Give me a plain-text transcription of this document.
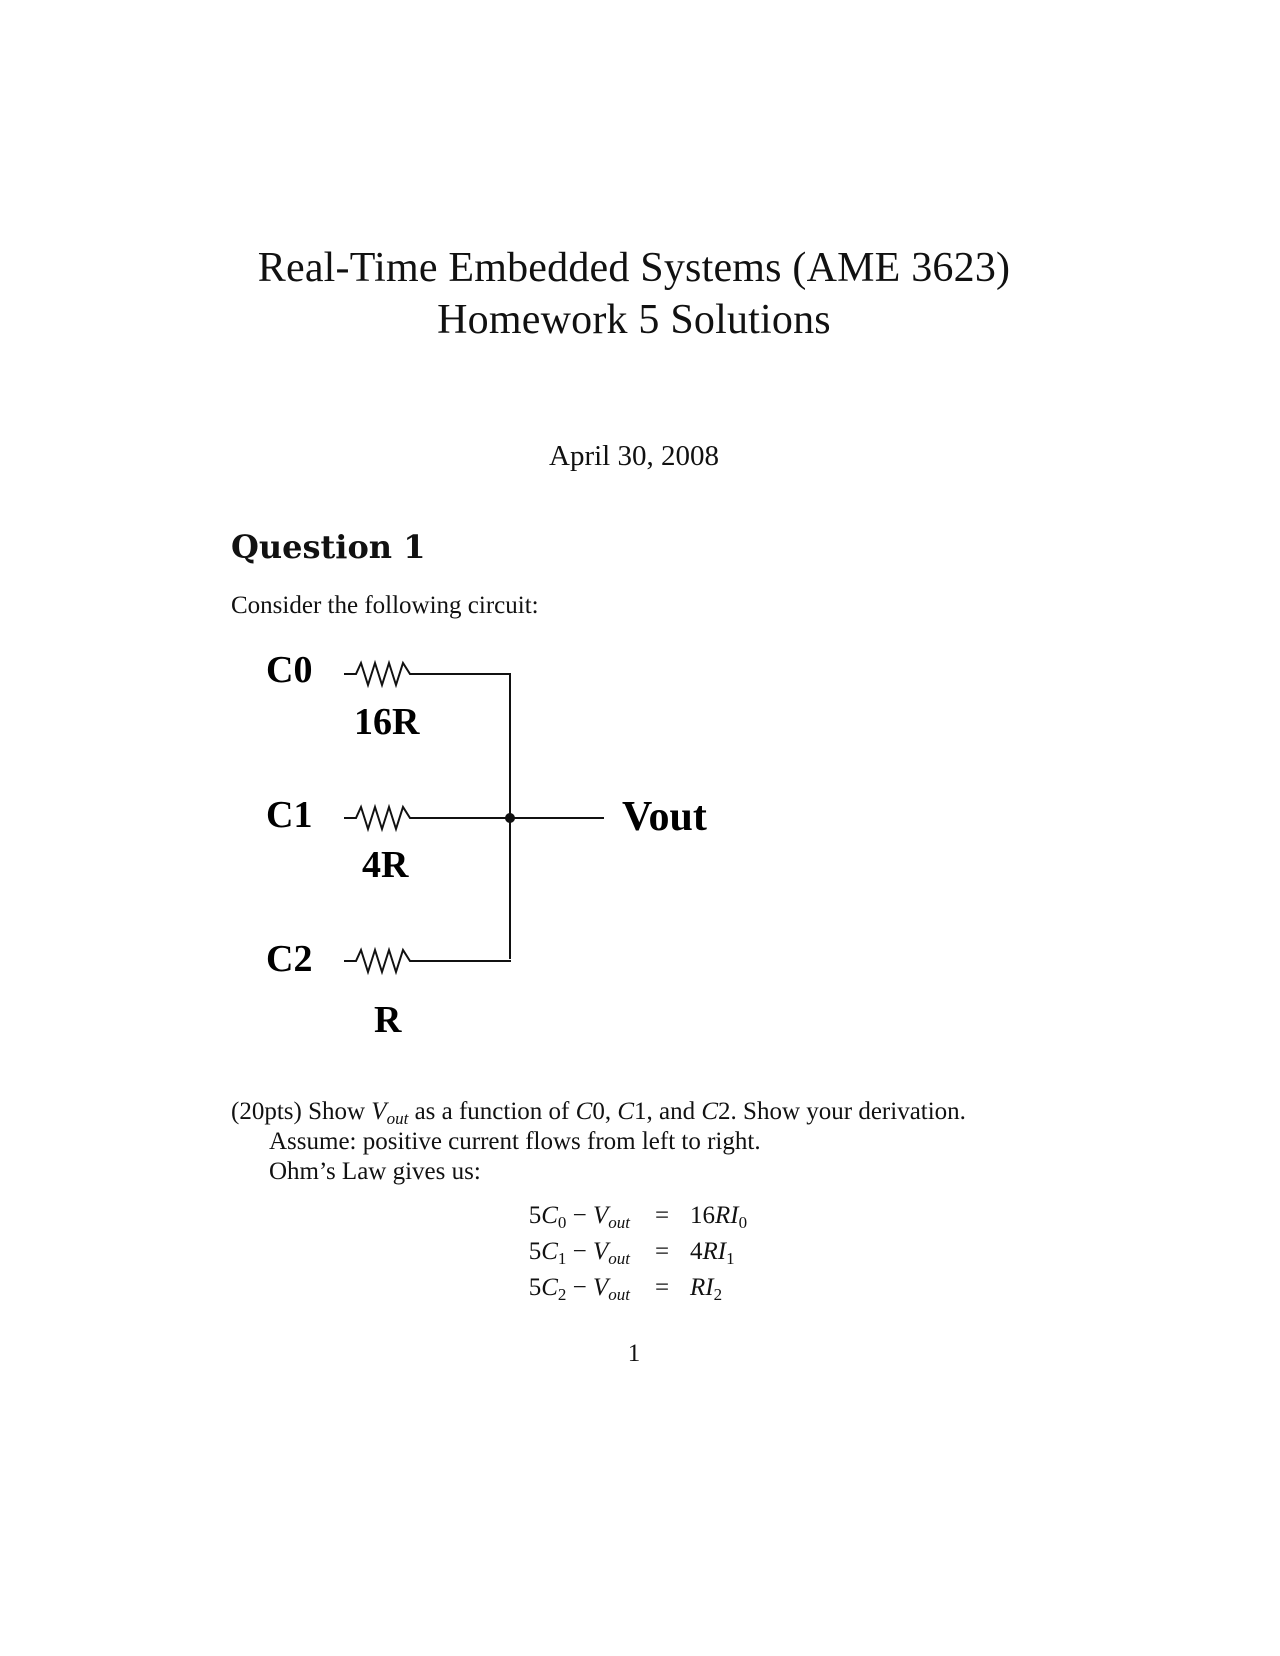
Real-Time Embedded Systems (AME 3623)
Homework 5 Solutions
April 30, 2008
Question 1
Consider the following circuit:
C0
16R
C1
4R
Vout
C2
R
(20pts) Show $V_{out}$ as a function of C0, C1, and C2. Show your derivation.
Assume: positive current flows from left to right.
Ohm’s Law gives us:
$5C_0 - V_{out} = 16RI_0$
$5C_1 - V_{out} = 4RI_1$
$5C_2 - V_{out} = RI_2$
1
